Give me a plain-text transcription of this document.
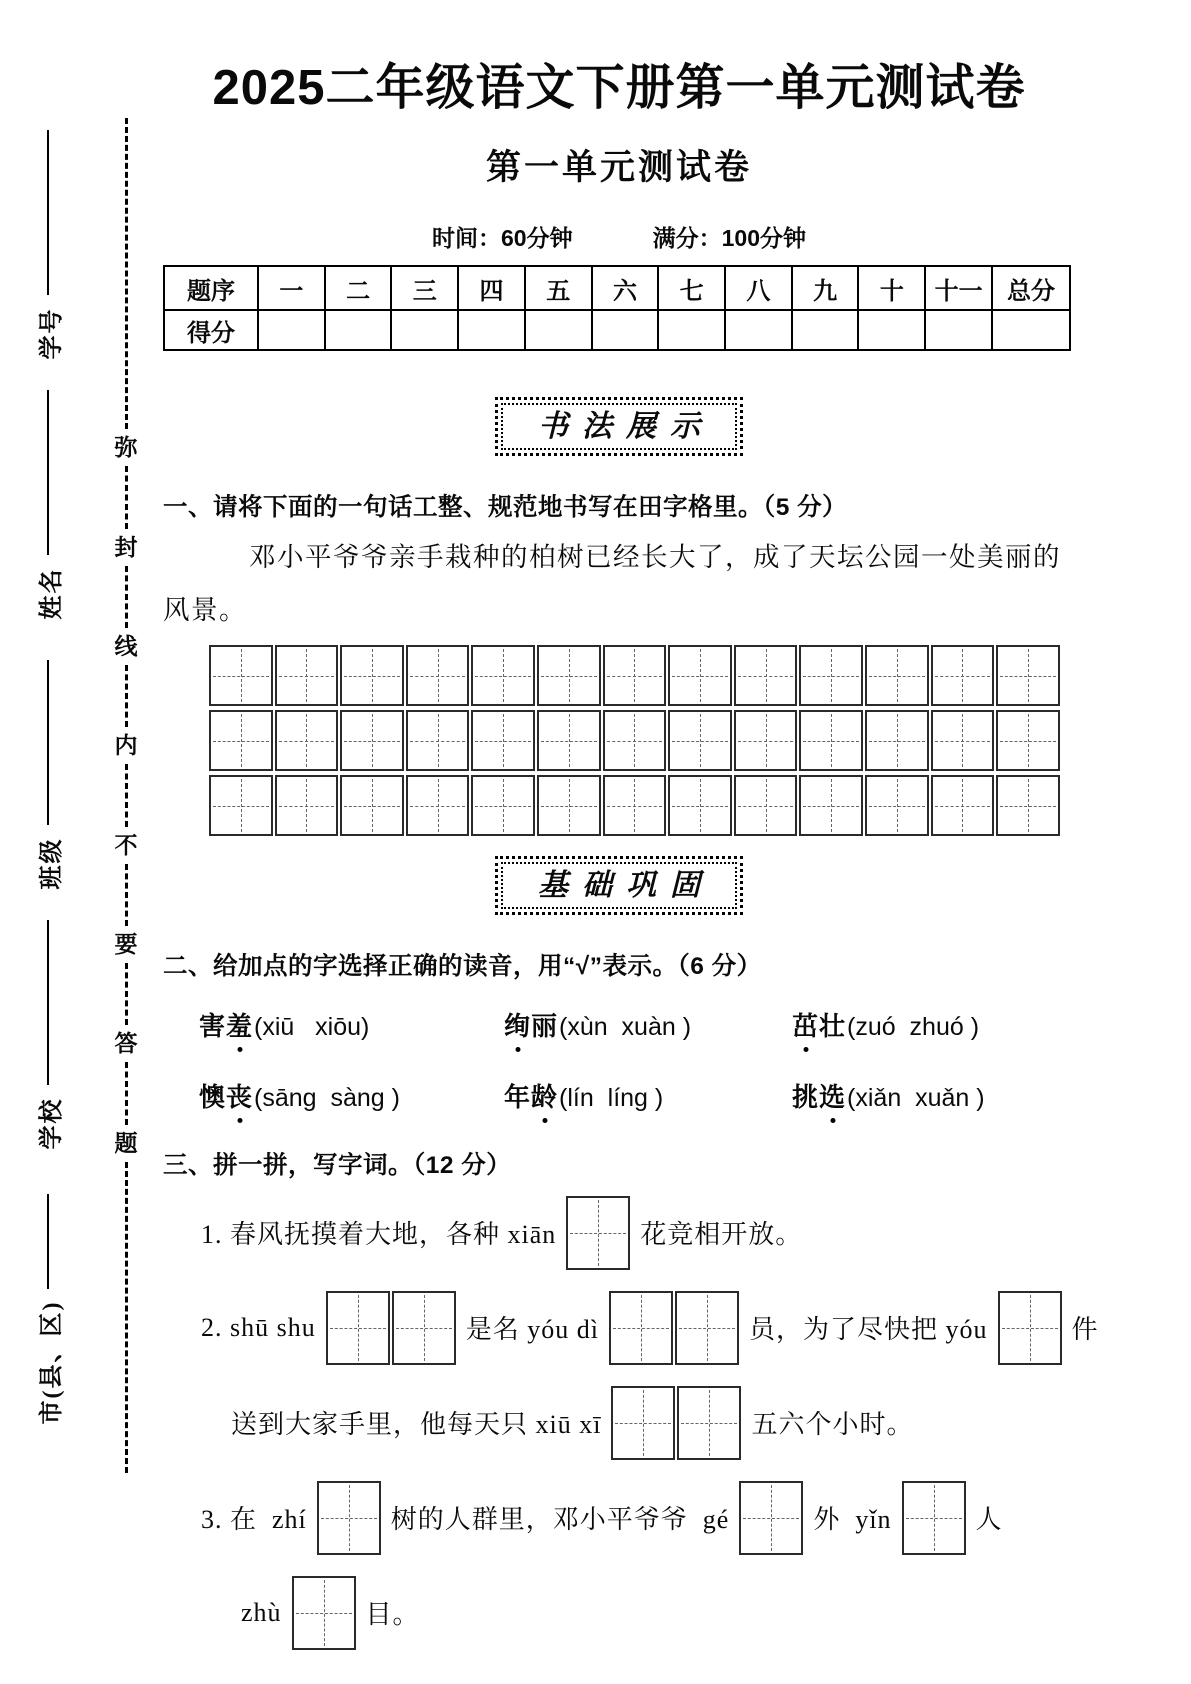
学号
姓名
班级
学校
市(县、区)
弥
封
线
内
不
要
答
题
2025二年级语文下册第一单元测试卷
第一单元测试卷
时间：60分钟	满分：100分钟
题序	一	二	三	四	五	六	七	八	九	十	十一	总分
得分												
书法展示
一、请将下面的一句话工整、规范地书写在田字格里。（5 分）

邓小平爷爷亲手栽种的柏树已经长大了，成了天坛公园一处美丽的风景。

基础巩固
二、给加点的字选择正确的读音，用“√”表示。（6 分）
害羞(xiū   xiōu)	绚丽(xùn  xuàn )	茁壮(zuó  zhuó )
懊丧(sāng  sàng )	年龄(lín  líng )	挑选(xiǎn  xuǎn )
三、拼一拼，写字词。（12 分）
1. 春风抚摸着大地，各种 xiān	花竞相开放。
2. shū shu	是名 yóu dì	员，为了尽快把 yóu	件
送到大家手里，他每天只 xiū xī	五六个小时。
3. 在  zhí	树的人群里，邓小平爷爷  gé	外  yǐn	人
zhù	目。
